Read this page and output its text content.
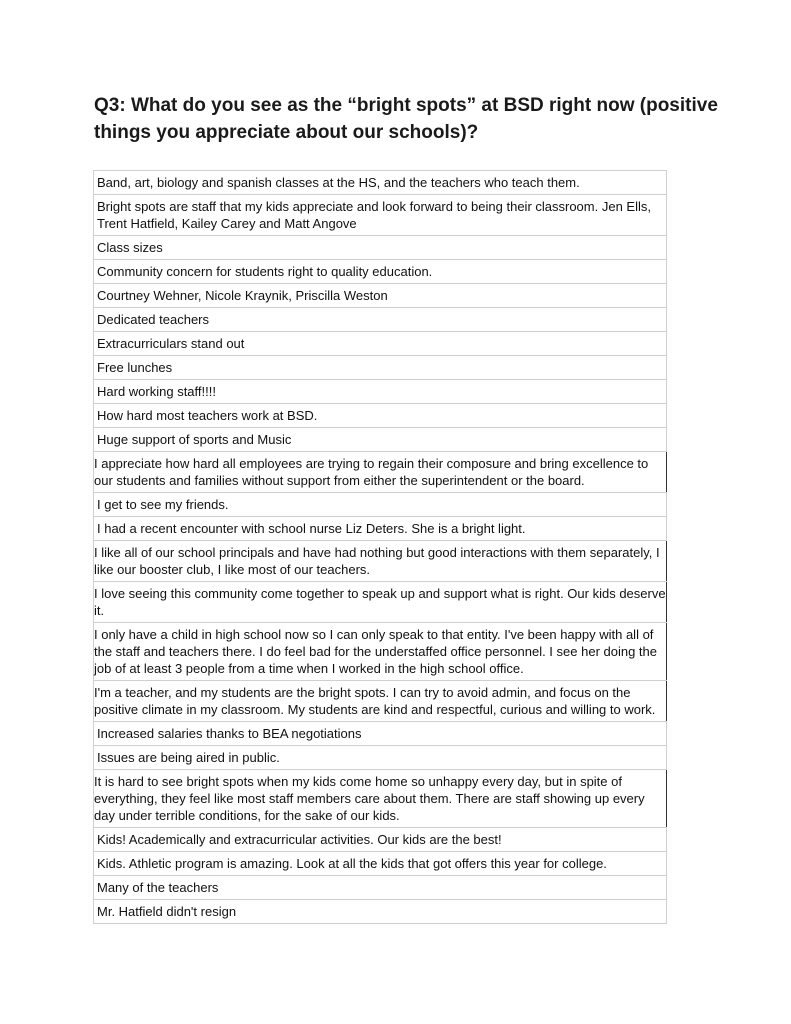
Q3: What do you see as the “bright spots” at BSD right now (positive things you appreciate about our schools)?
Band, art, biology and spanish classes at the HS, and the teachers who teach them.
Bright spots are staff that my kids appreciate and look forward to being their classroom. Jen Ells, Trent Hatfield, Kailey Carey and Matt Angove
Class sizes
Community concern for students right to quality education.
Courtney Wehner, Nicole Kraynik, Priscilla Weston
Dedicated teachers
Extracurriculars stand out
Free lunches
Hard working staff!!!!
How hard most teachers work at BSD.
Huge support of sports and Music
I appreciate how hard all employees are trying to regain their composure and bring excellence to our students and families without support from either the superintendent or the board.
I get to see my friends.
I had a recent encounter with school nurse Liz Deters. She is a bright light.
I like all of our school principals and have had nothing but good interactions with them separately, I like our booster club, I like most of our teachers.
I love seeing this community come together to speak up and support what is right. Our kids deserve it.
I only have a child in high school now so I can only speak to that entity. I've been happy with all of the staff and teachers there. I do feel bad for the understaffed office personnel. I see her doing the job of at least 3 people from a time when I worked in the high school office.
I'm a teacher, and my students are the bright spots. I can try to avoid admin, and focus on the positive climate in my classroom. My students are kind and respectful, curious and willing to work.
Increased salaries thanks to BEA negotiations
Issues are being aired in public.
It is hard to see bright spots when my kids come home so unhappy every day, but in spite of everything, they feel like most staff members care about them. There are staff showing up every day under terrible conditions, for the sake of our kids.
Kids! Academically and extracurricular activities. Our kids are the best!
Kids. Athletic program is amazing. Look at all the kids that got offers this year for college.
Many of the teachers
Mr. Hatfield didn't resign
